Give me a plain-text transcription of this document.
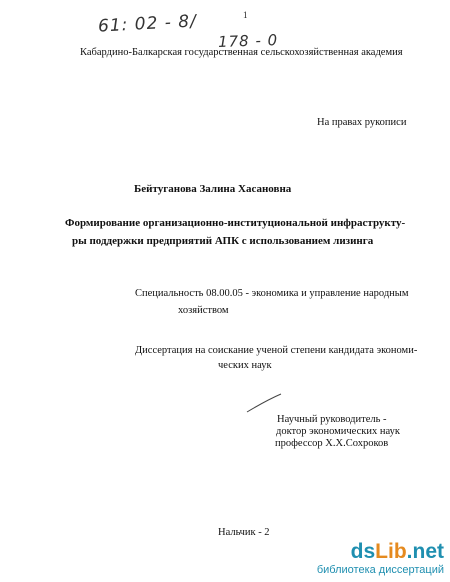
61: 02 - 8/	1
178 - 0
Кабардино-Балкарская государственная сельскохозяйственная академия
На правах рукописи
Бейтуганова Залина Хасановна
Формирование организационно-институциональной инфраструкту-
ры поддержки предприятий АПК с использованием лизинга
Специальность 08.00.05 - экономика и управление народным
хозяйством
Диссертация на соискание ученой степени кандидата экономи-
ческих наук
Научный руководитель -
доктор экономических наук
профессор Х.Х.Сохроков
Нальчик - 2
dsLib.net
библиотека диссертаций
